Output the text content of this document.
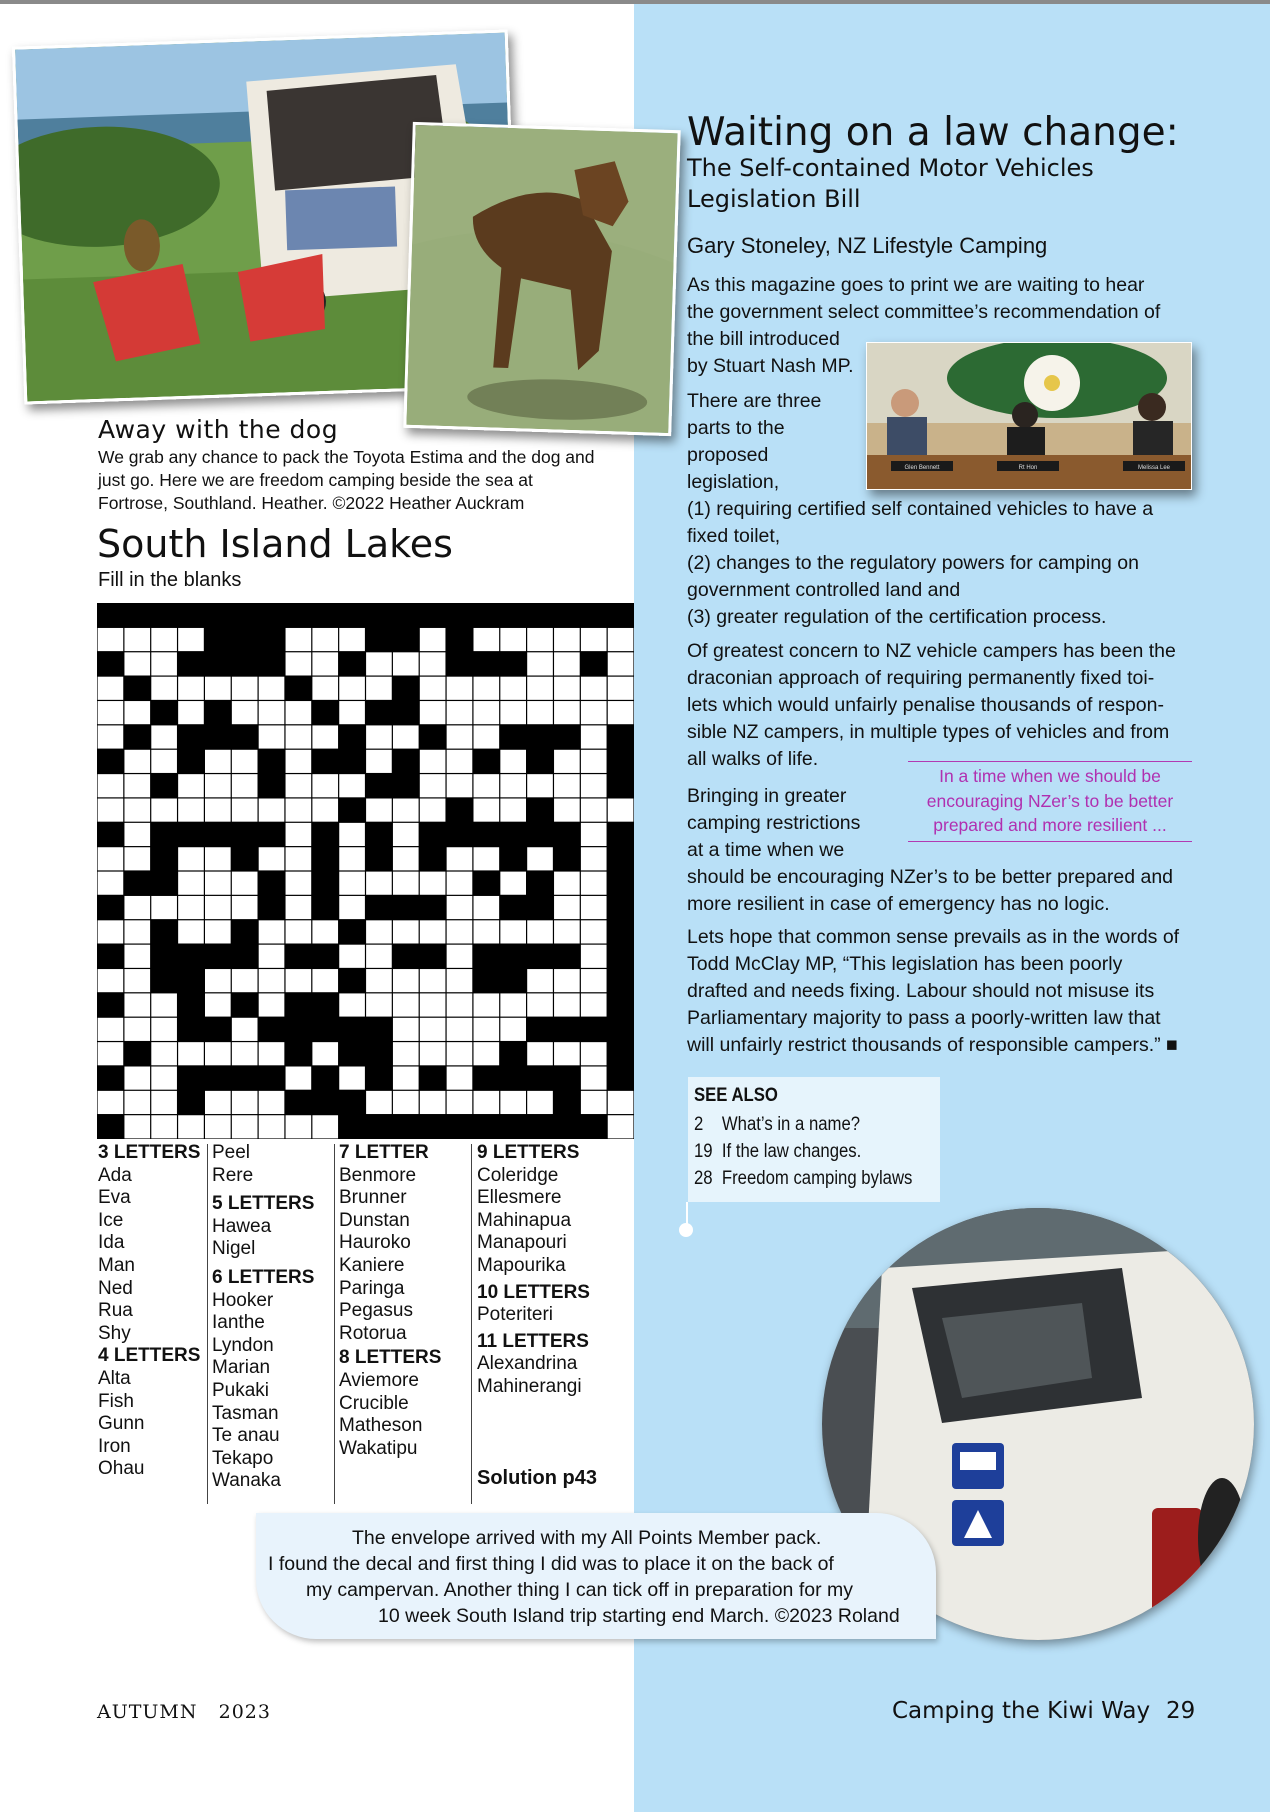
Away with the dog
We grab any chance to pack the Toyota Estima and the dog and just go. Here we are freedom camping beside the sea at Fortrose, Southland. Heather. ©2022 Heather Auckram
South Island Lakes
Fill in the blanks
3 LETTERS
Ada
Eva
Ice
Ida
Man
Ned
Rua
Shy
4 LETTERS
Alta
Fish
Gunn
Iron
Ohau
Peel
Rere
5 LETTERS
Hawea
Nigel
6 LETTERS
Hooker
Ianthe
Lyndon
Marian
Pukaki
Tasman
Te anau
Tekapo
Wanaka
7 LETTER
Benmore
Brunner
Dunstan
Hauroko
Kaniere
Paringa
Pegasus
Rotorua
8 LETTERS
Aviemore
Crucible
Matheson
Wakatipu
9 LETTERS
Coleridge
Ellesmere
Mahinapua
Manapouri
Mapourika
10 LETTERS
Poteriteri
11 LETTERS
Alexandrina
Mahinerangi
Solution p43
Waiting on a law change:
The Self-contained Motor Vehicles Legislation Bill
Gary Stoneley, NZ Lifestyle Camping
As this magazine goes to print we are waiting to hear
the government select committee’s recommendation of
the bill introduced
by Stuart Nash MP.
There are three
parts to the
proposed
legislation,
(1) requiring certified self contained vehicles to have a
fixed toilet,
(2) changes to the regulatory powers for camping on
government controlled land and
(3) greater regulation of the certification process.
Of greatest concern to NZ vehicle campers has been the
draconian approach of requiring permanently fixed toi-
lets which would unfairly penalise thousands of respon-
sible NZ campers, in multiple types of vehicles and from
all walks of life.
Bringing in greater
camping restrictions
at a time when we
should be encouraging NZer’s to be better prepared and
more resilient in case of emergency has no logic.
Lets hope that common sense prevails as in the words of
Todd McClay MP, “This legislation has been poorly
drafted and needs fixing. Labour should not misuse its
Parliamentary majority to pass a poorly-written law that
will unfairly restrict thousands of responsible campers.” ■
Glen Bennett	Rt Hon	Melissa Lee
In a time when we should be
encouraging NZer’s to be better
prepared and more resilient ...
SEE ALSO
2 What’s in a name?
19 If the law changes.
28 Freedom camping bylaws
The envelope arrived with my All Points Member pack.
I found the decal and first thing I did was to place it on the back of
my campervan. Another thing I can tick off in preparation for my
10 week South Island trip starting end March. ©2023 Roland
AUTUMN 2023	Camping the Kiwi Way 29
